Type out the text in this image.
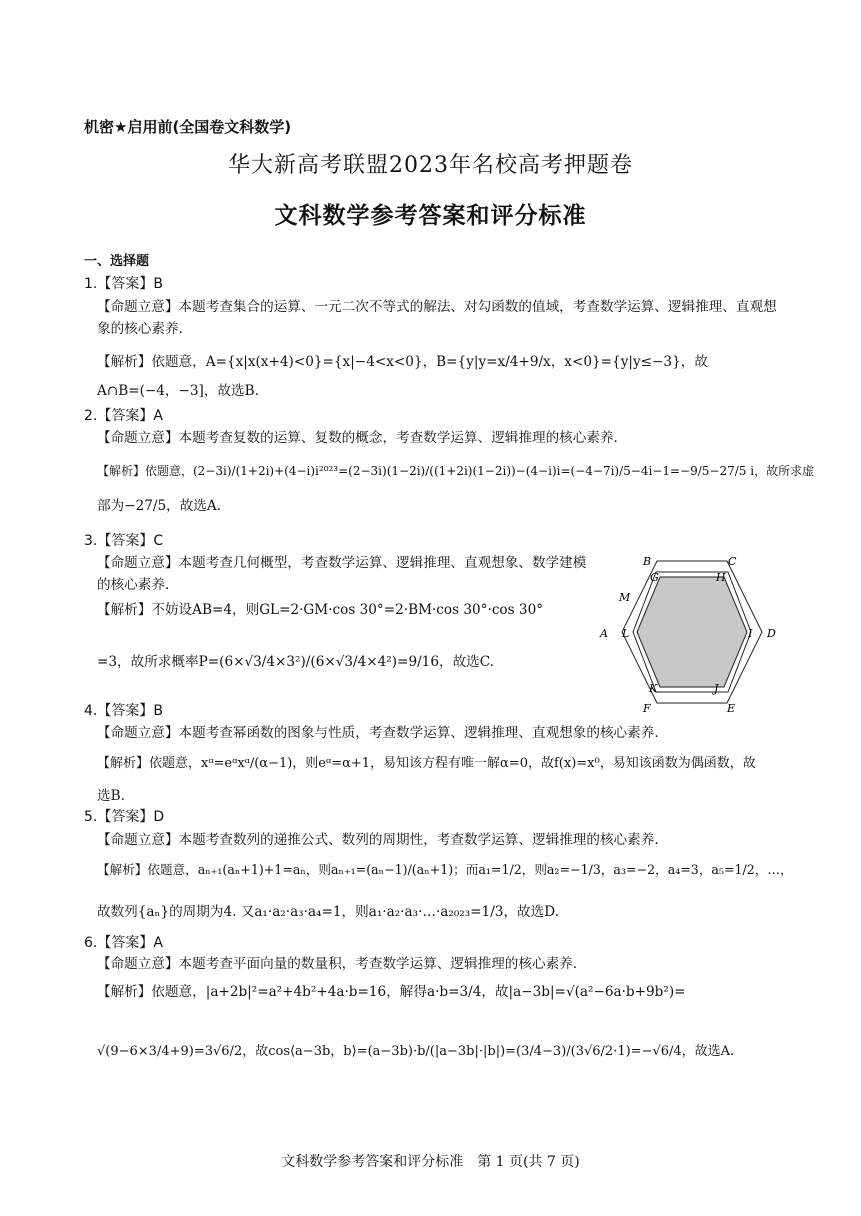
机密★启用前(全国卷文科数学)
华大新高考联盟2023年名校高考押题卷
文科数学参考答案和评分标准
一、选择题
1.【答案】B
【命题立意】本题考查集合的运算、一元二次不等式的解法、对勾函数的值域，考查数学运算、逻辑推理、直观想象的核心素养.
【解析】依题意，A={x|x(x+4)<0}={x|−4<x<0}，B={y|y=x/4+9/x，x<0}={y|y≤−3}，故
A∩B=(−4，−3]，故选B.
2.【答案】A
【命题立意】本题考查复数的运算、复数的概念，考查数学运算、逻辑推理的核心素养.
【解析】依题意，(2−3i)/(1+2i)+(4−i)i²⁰²³=(2−3i)(1−2i)/((1+2i)(1−2i))−(4−i)i=(−4−7i)/5−4i−1=−9/5−27/5 i，故所求虚
部为−27/5，故选A.
3.【答案】C
【命题立意】本题考查几何概型，考查数学运算、逻辑推理、直观想象、数学建模的核心素养.
【解析】不妨设AB=4，则GL=2·GM·cos 30°=2·BM·cos 30°·cos 30°
=3，故所求概率P=(6×√3/4×3²)/(6×√3/4×4²)=9/16，故选C.
B	C
G	H
M
A L	I D
K	J
F	E
4.【答案】B
【命题立意】本题考查幂函数的图象与性质，考查数学运算、逻辑推理、直观想象的核心素养.
【解析】依题意，xᵅ=eᵅxᵅ/(α−1)，则eᵅ=α+1，易知该方程有唯一解α=0，故f(x)=x⁰，易知该函数为偶函数，故
选B.
5.【答案】D
【命题立意】本题考查数列的递推公式、数列的周期性，考查数学运算、逻辑推理的核心素养.
【解析】依题意，aₙ₊₁(aₙ+1)+1=aₙ，则aₙ₊₁=(aₙ−1)/(aₙ+1)；而a₁=1/2，则a₂=−1/3，a₃=−2，a₄=3，a₅=1/2，…，
故数列{aₙ}的周期为4. 又a₁·a₂·a₃·a₄=1，则a₁·a₂·a₃·…·a₂₀₂₃=1/3，故选D.
6.【答案】A
【命题立意】本题考查平面向量的数量积，考查数学运算、逻辑推理的核心素养.
【解析】依题意，|a+2b|²=a²+4b²+4a·b=16，解得a·b=3/4，故|a−3b|=√(a²−6a·b+9b²)=
√(9−6×3/4+9)=3√6/2，故cos⟨a−3b，b⟩=(a−3b)·b/(|a−3b|·|b|)=(3/4−3)/(3√6/2·1)=−√6/4，故选A.
文科数学参考答案和评分标准　第 1 页(共 7 页)
